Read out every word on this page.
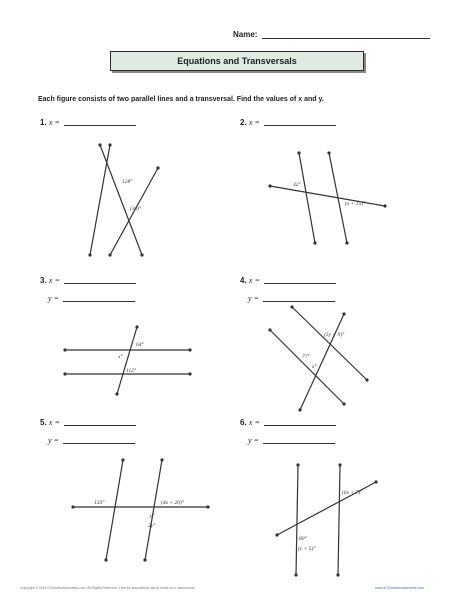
Name:
Equations and Transversals
Each figure consists of two parallel lines and a transversal. Find the values of x and y.
1. x =
128°
(3x)°
2. x =
32°
(x + 15)°
3. x =
y =
64°
x°
112°
4. x =
y =
(5y − 9)°
77°
x°
5. x =
y =
133°	(4x + 20)°
y°
2y°
6. x =
y =
(6x + 7)°
80°
(y + 5)°
Copyright © 2014 K12mathworksheets.com. All Rights Reserved. Free for educational use at home or in classrooms.	www.K12mathworksheets.com
